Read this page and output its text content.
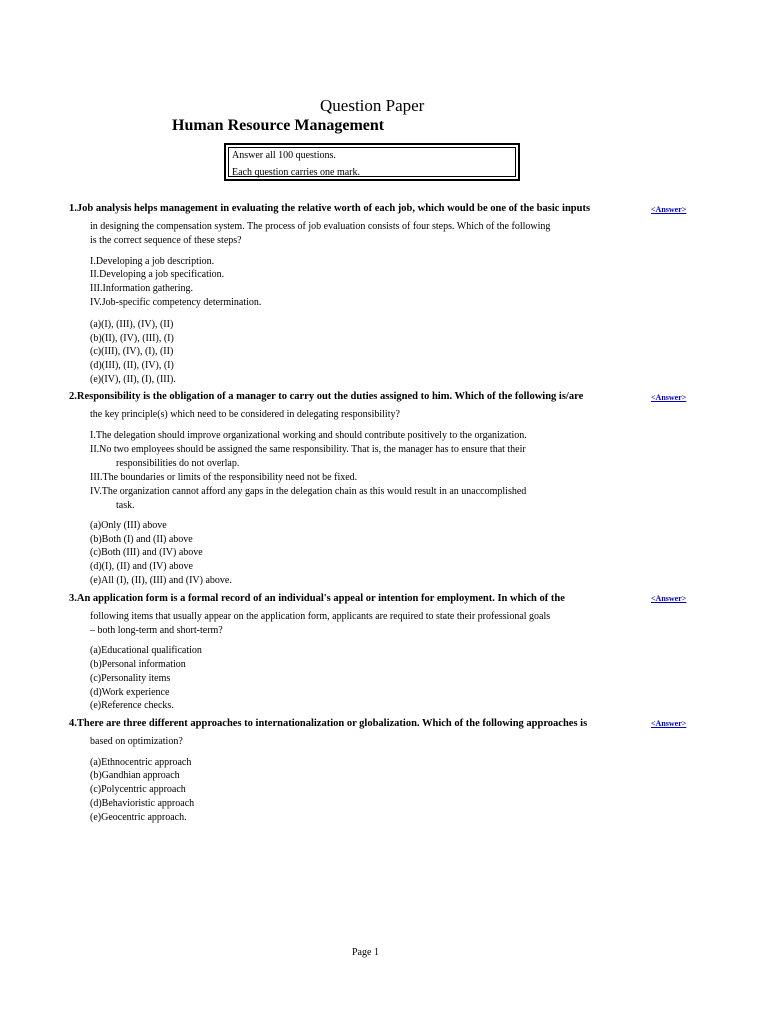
Question Paper
Human Resource Management
Answer all 100 questions.
Each question carries one mark.
1.Job analysis helps management in evaluating the relative worth of each job, which would be one of the basic inputs	<Answer>
in designing the compensation system. The process of job evaluation consists of four steps. Which of the following
is the correct sequence of these steps?
I.Developing a job description.
II.Developing a job specification.
III.Information gathering.
IV.Job-specific competency determination.
(a)(I), (III), (IV), (II)
(b)(II), (IV), (III), (I)
(c)(III), (IV), (I), (II)
(d)(III), (II), (IV), (I)
(e)(IV), (II), (I), (III).
2.Responsibility is the obligation of a manager to carry out the duties assigned to him. Which of the following is/are	<Answer>
the key principle(s) which need to be considered in delegating responsibility?
I.The delegation should improve organizational working and should contribute positively to the organization.
II.No two employees should be assigned the same responsibility. That is, the manager has to ensure that their
responsibilities do not overlap.
III.The boundaries or limits of the responsibility need not be fixed.
IV.The organization cannot afford any gaps in the delegation chain as this would result in an unaccomplished
task.
(a)Only (III) above
(b)Both (I) and (II) above
(c)Both (III) and (IV) above
(d)(I), (II) and (IV) above
(e)All (I), (II), (III) and (IV) above.
3.An application form is a formal record of an individual's appeal or intention for employment. In which of the	<Answer>
following items that usually appear on the application form, applicants are required to state their professional goals
– both long-term and short-term?
(a)Educational qualification
(b)Personal information
(c)Personality items
(d)Work experience
(e)Reference checks.
4.There are three different approaches to internationalization or globalization. Which of the following approaches is	<Answer>
based on optimization?
(a)Ethnocentric approach
(b)Gandhian approach
(c)Polycentric approach
(d)Behavioristic approach
(e)Geocentric approach.
Page 1
